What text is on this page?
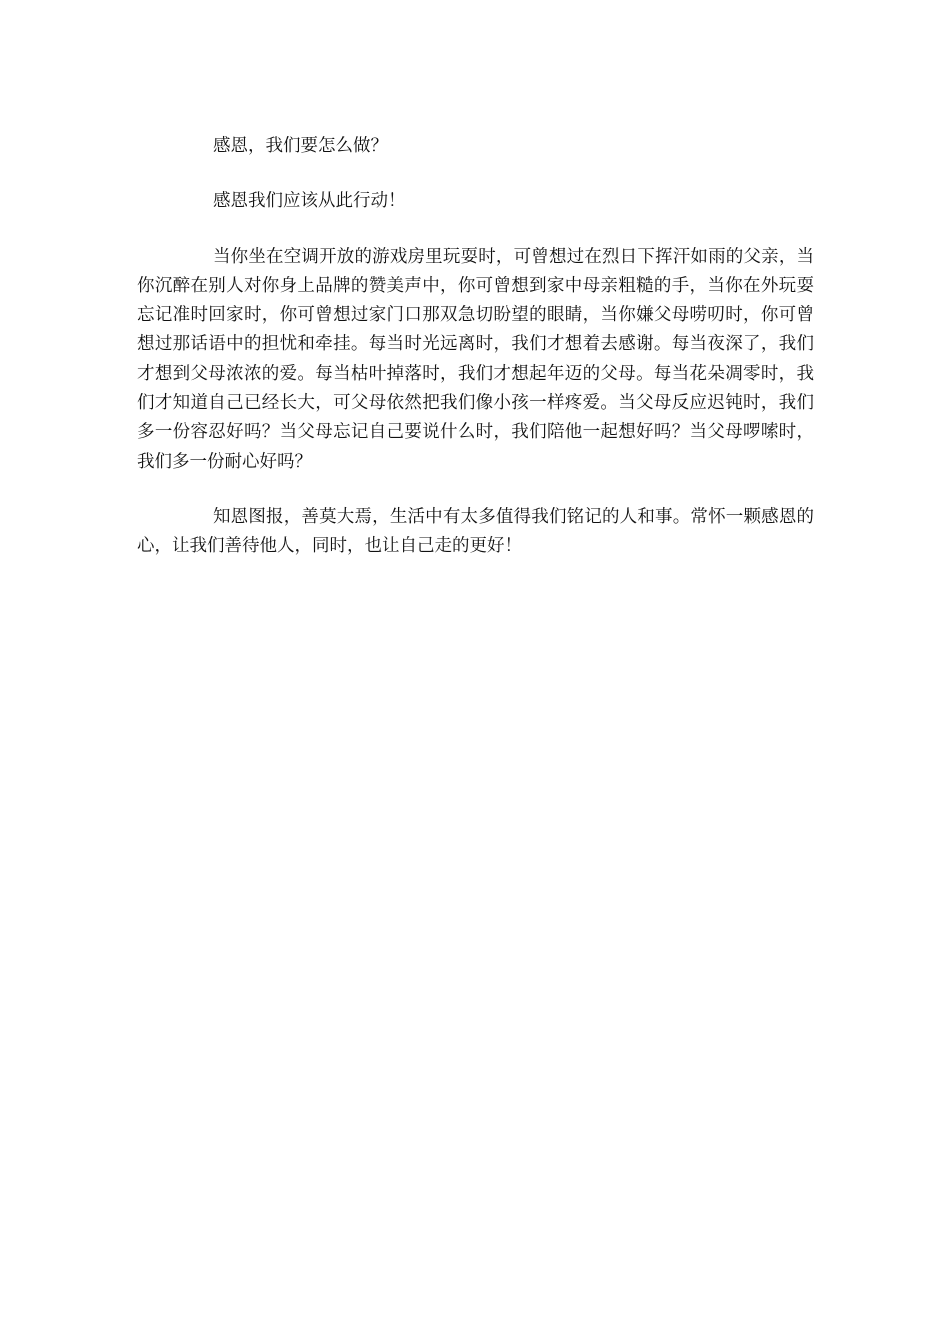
感恩，我们要怎么做？

感恩我们应该从此行动！

当你坐在空调开放的游戏房里玩耍时，可曾想过在烈日下挥汗如雨的父亲，当你沉醉在别人对你身上品牌的赞美声中，你可曾想到家中母亲粗糙的手，当你在外玩耍忘记准时回家时，你可曾想过家门口那双急切盼望的眼睛，当你嫌父母唠叨时，你可曾想过那话语中的担忧和牵挂。每当时光远离时，我们才想着去感谢。每当夜深了，我们才想到父母浓浓的爱。每当枯叶掉落时，我们才想起年迈的父母。每当花朵凋零时，我们才知道自己已经长大，可父母依然把我们像小孩一样疼爱。当父母反应迟钝时，我们多一份容忍好吗？当父母忘记自己要说什么时，我们陪他一起想好吗？当父母啰嗦时，我们多一份耐心好吗？

知恩图报，善莫大焉，生活中有太多值得我们铭记的人和事。常怀一颗感恩的心，让我们善待他人，同时，也让自己走的更好！
